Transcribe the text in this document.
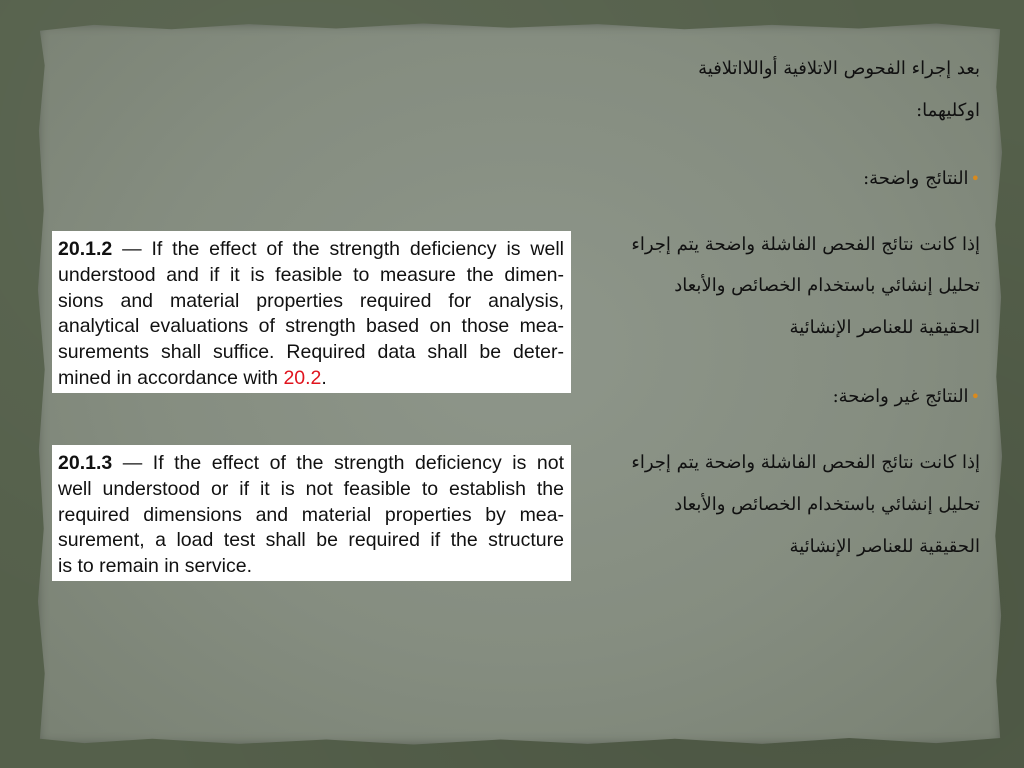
بعد إجراء الفحوص الاتلافية أواللااتلافية
اوكليهما:
•النتائج واضحة:
إذا كانت نتائج الفحص الفاشلة واضحة يتم إجراء
تحليل إنشائي باستخدام الخصائص والأبعاد
الحقيقية للعناصر الإنشائية
•النتائج غير واضحة:
إذا كانت نتائج الفحص الفاشلة واضحة يتم إجراء
تحليل إنشائي باستخدام الخصائص والأبعاد
الحقيقية للعناصر الإنشائية
20.1.2 — If the effect of the strength deficiency is well
understood and if it is feasible to measure the dimen-
sions and material properties required for analysis,
analytical evaluations of strength based on those mea-
surements shall suffice. Required data shall be deter-
mined in accordance with 20.2.
20.1.3 — If the effect of the strength deficiency is not
well understood or if it is not feasible to establish the
required dimensions and material properties by mea-
surement, a load test shall be required if the structure
is to remain in service.
